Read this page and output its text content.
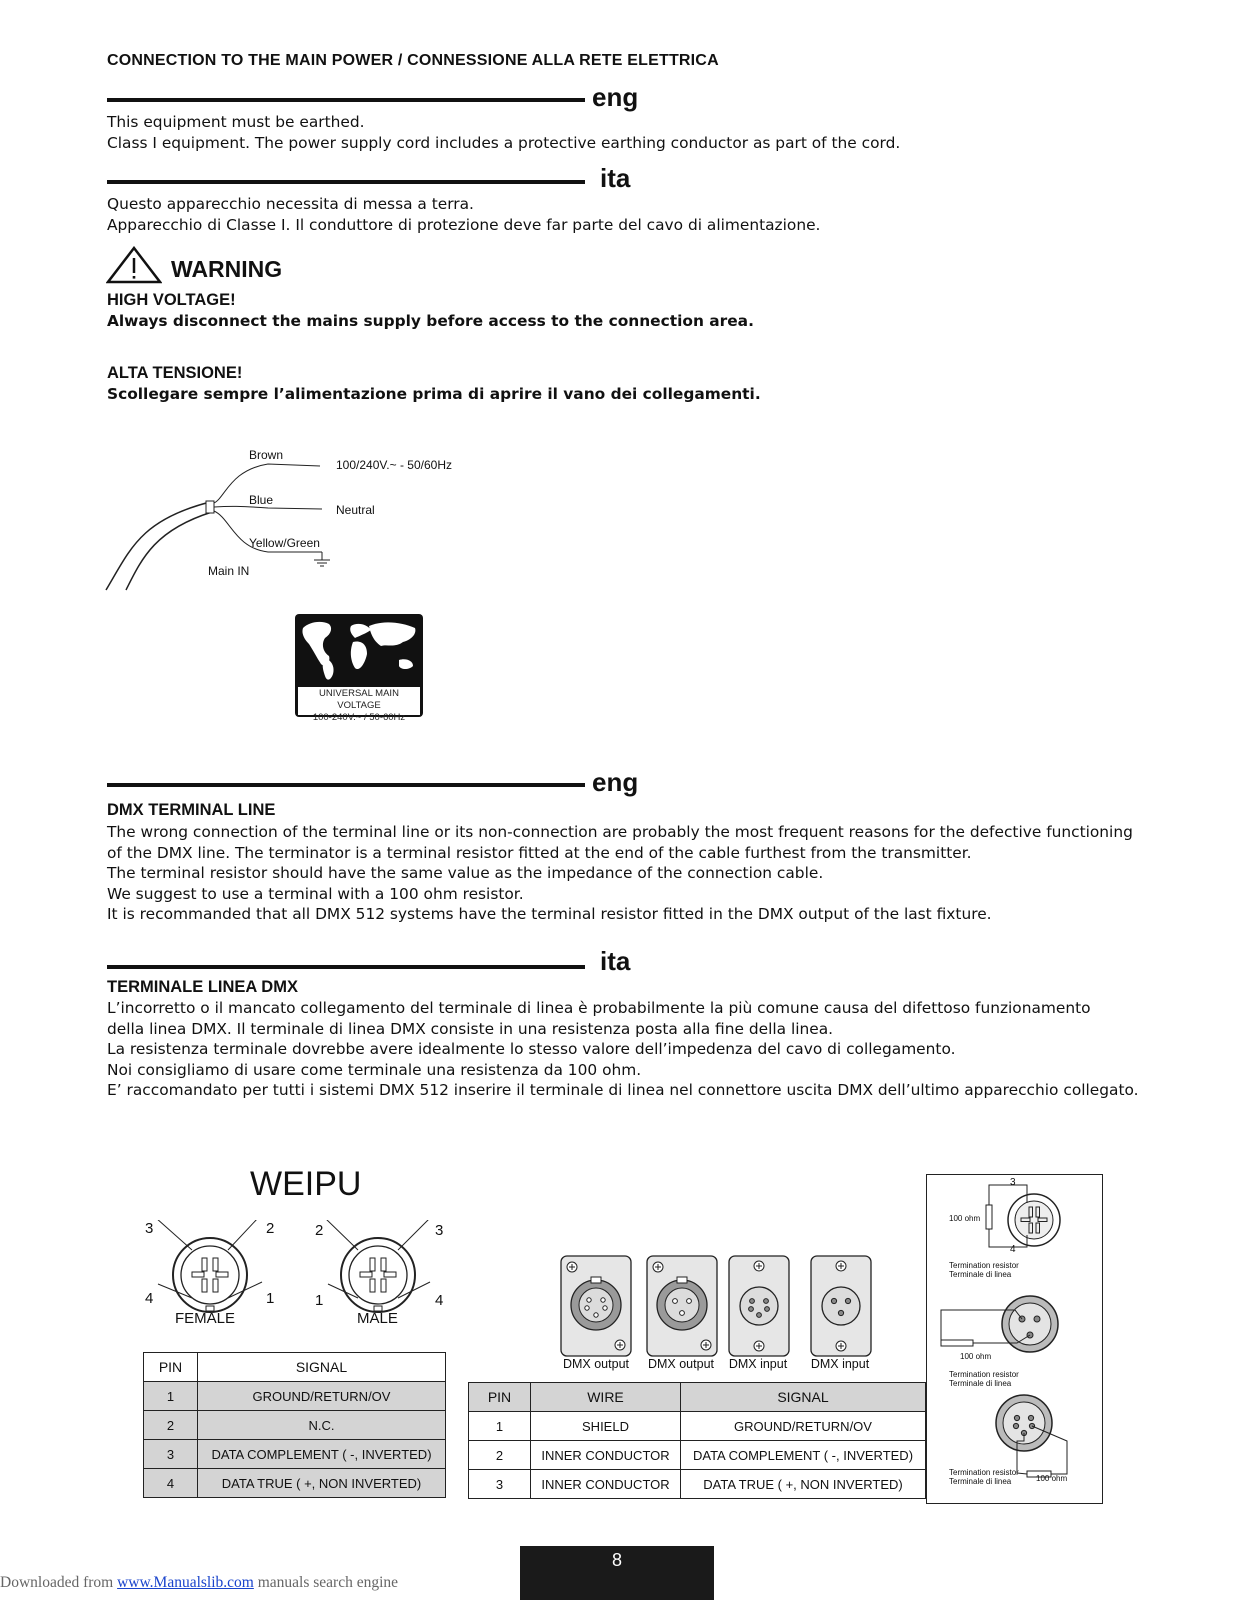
CONNECTION TO THE MAIN POWER / CONNESSIONE ALLA RETE ELETTRICA
eng
This equipment must be earthed.
Class I equipment. The power supply cord includes a protective earthing conductor as part of the cord.
ita
Questo apparecchio necessita di messa a terra.
Apparecchio di Classe I. Il conduttore di protezione deve far parte del cavo di alimentazione.
WARNING
HIGH VOLTAGE!
Always disconnect the mains supply before access to the connection area.
ALTA TENSIONE!
Scollegare sempre l’alimentazione prima di aprire il vano dei collegamenti.
Brown
100/240V.~ - 50/60Hz
Blue
Neutral
Yellow/Green
Main IN
UNIVERSAL MAIN VOLTAGE
100-240V.~ / 50-60Hz
eng
DMX TERMINAL LINE
The wrong connection of the terminal line or its non-connection are probably the most frequent reasons for the defective functioning
of the DMX line. The terminator is a terminal resistor fitted at the end of the cable furthest from the transmitter.
The terminal resistor should have the same value as the impedance of the connection cable.
We suggest to use a terminal with a 100 ohm resistor.
It is recommanded that all DMX 512 systems have the terminal resistor fitted in the DMX output of the last fixture.
ita
TERMINALE LINEA DMX
L’incorretto o il mancato collegamento del terminale di linea è probabilmente la più comune causa del difettoso funzionamento
della linea DMX. Il terminale di linea DMX consiste in una resistenza posta alla fine della linea.
La resistenza terminale dovrebbe avere idealmente lo stesso valore dell’impedenza del cavo di collegamento.
Noi consigliamo di usare come terminale una resistenza da 100 ohm.
E’ raccomandato per tutti i sistemi DMX 512 inserire il terminale di linea nel connettore uscita DMX dell’ultimo apparecchio collegato.
WEIPU
3	2
4	1
2	3
1	4
FEMALE	MALE
PIN	SIGNAL
1	GROUND/RETURN/OV
2	N.C.
3	DATA COMPLEMENT ( -, INVERTED)
4	DATA TRUE ( +, NON INVERTED)
DMX output DMX output DMX input DMX input
PIN	WIRE	SIGNAL
1	SHIELD	GROUND/RETURN/OV
2	INNER CONDUCTOR	DATA COMPLEMENT ( -, INVERTED)
3	INNER CONDUCTOR	DATA TRUE ( +, NON INVERTED)
3
4
100 ohm
Termination resistor
Terminale di linea
100 ohm
Termination resistor
Terminale di linea
100 ohm
Termination resistor
Terminale di linea
8
Downloaded from www.Manualslib.com manuals search engine
